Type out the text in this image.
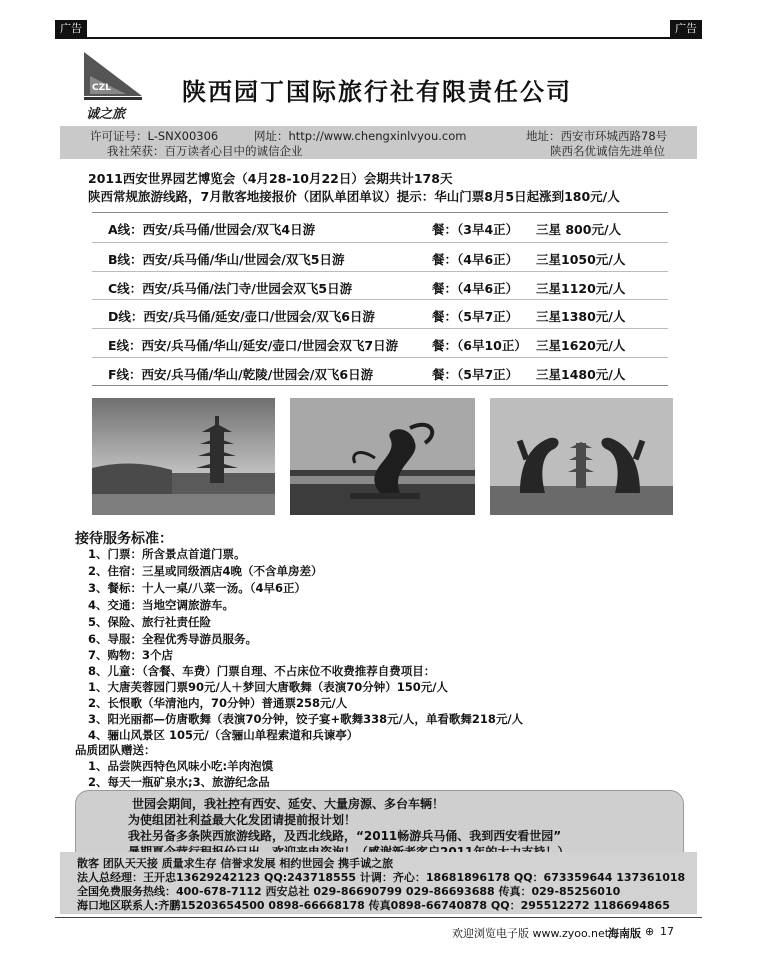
广告	广告
CZL
诚之旅
陕西园丁国际旅行社有限责任公司
许可证号：L-SNX00306	网址：http://www.chengxinlvyou.com	地址：西安市环城西路78号
我社荣获：百万读者心目中的诚信企业	陕西名优诚信先进单位
2011西安世界园艺博览会（4月28-10月22日）会期共计178天
陕西常规旅游线路，7月散客地接报价（团队单团单议）提示：华山门票8月5日起涨到180元/人
A线：西安/兵马俑/世园会/双飞4日游	餐：（3早4正） 三星 800元/人
B线：西安/兵马俑/华山/世园会/双飞5日游	餐：（4早6正） 三星1050元/人
C线：西安/兵马俑/法门寺/世园会双飞5日游	餐：（4早6正） 三星1120元/人
D线：西安/兵马俑/延安/壶口/世园会/双飞6日游	餐：（5早7正） 三星1380元/人
E线：西安/兵马俑/华山/延安/壶口/世园会双飞7日游	餐：（6早10正） 三星1620元/人
F线：西安/兵马俑/华山/乾陵/世园会/双飞6日游	餐：（5早7正） 三星1480元/人
接待服务标准：
1、门票：所含景点首道门票。
2、住宿：三星或同级酒店4晚（不含单房差）
3、餐标：十人一桌/八菜一汤。（4早6正）
4、交通：当地空调旅游车。
5、保险、旅行社责任险
6、导服：全程优秀导游员服务。
7、购物：3个店
8、儿童：（含餐、车费）门票自理、不占床位不收费推荐自费项目：
1、大唐芙蓉园门票90元/人＋梦回大唐歌舞（表演70分钟）150元/人
2、长恨歌（华清池内，70分钟）普通票258元/人
3、阳光丽都—仿唐歌舞（表演70分钟，饺子宴+歌舞338元/人，单看歌舞218元/人
4、骊山风景区 105元/（含骊山单程索道和兵谏亭）
品质团队赠送：
1、品尝陕西特色风味小吃:羊肉泡馍
2、每天一瓶矿泉水;3、旅游纪念品
世园会期间，我社控有西安、延安、大量房源、多台车辆！
为使组团社利益最大化发团请提前报计划！
我社另备多条陕西旅游线路，及西北线路，“2011畅游兵马俑、我到西安看世园”
散客 团队天天接 质量求生存 信誉求发展 相约世园会 携手诚之旅
法人总经理：王开忠13629242123 QQ:243718555 计调：齐心：18681896178 QQ：673359644 137361018
全国免费服务热线：400-678-7112 西安总社 029-86690799 029-86693688 传真：029-85256010
海口地区联系人:齐鹏15203654500 0898-66668178 传真0898-66740878 QQ：295512272 1186694865
欢迎浏览电子版 www.zyoo.net
海南版 ⊕ 17
